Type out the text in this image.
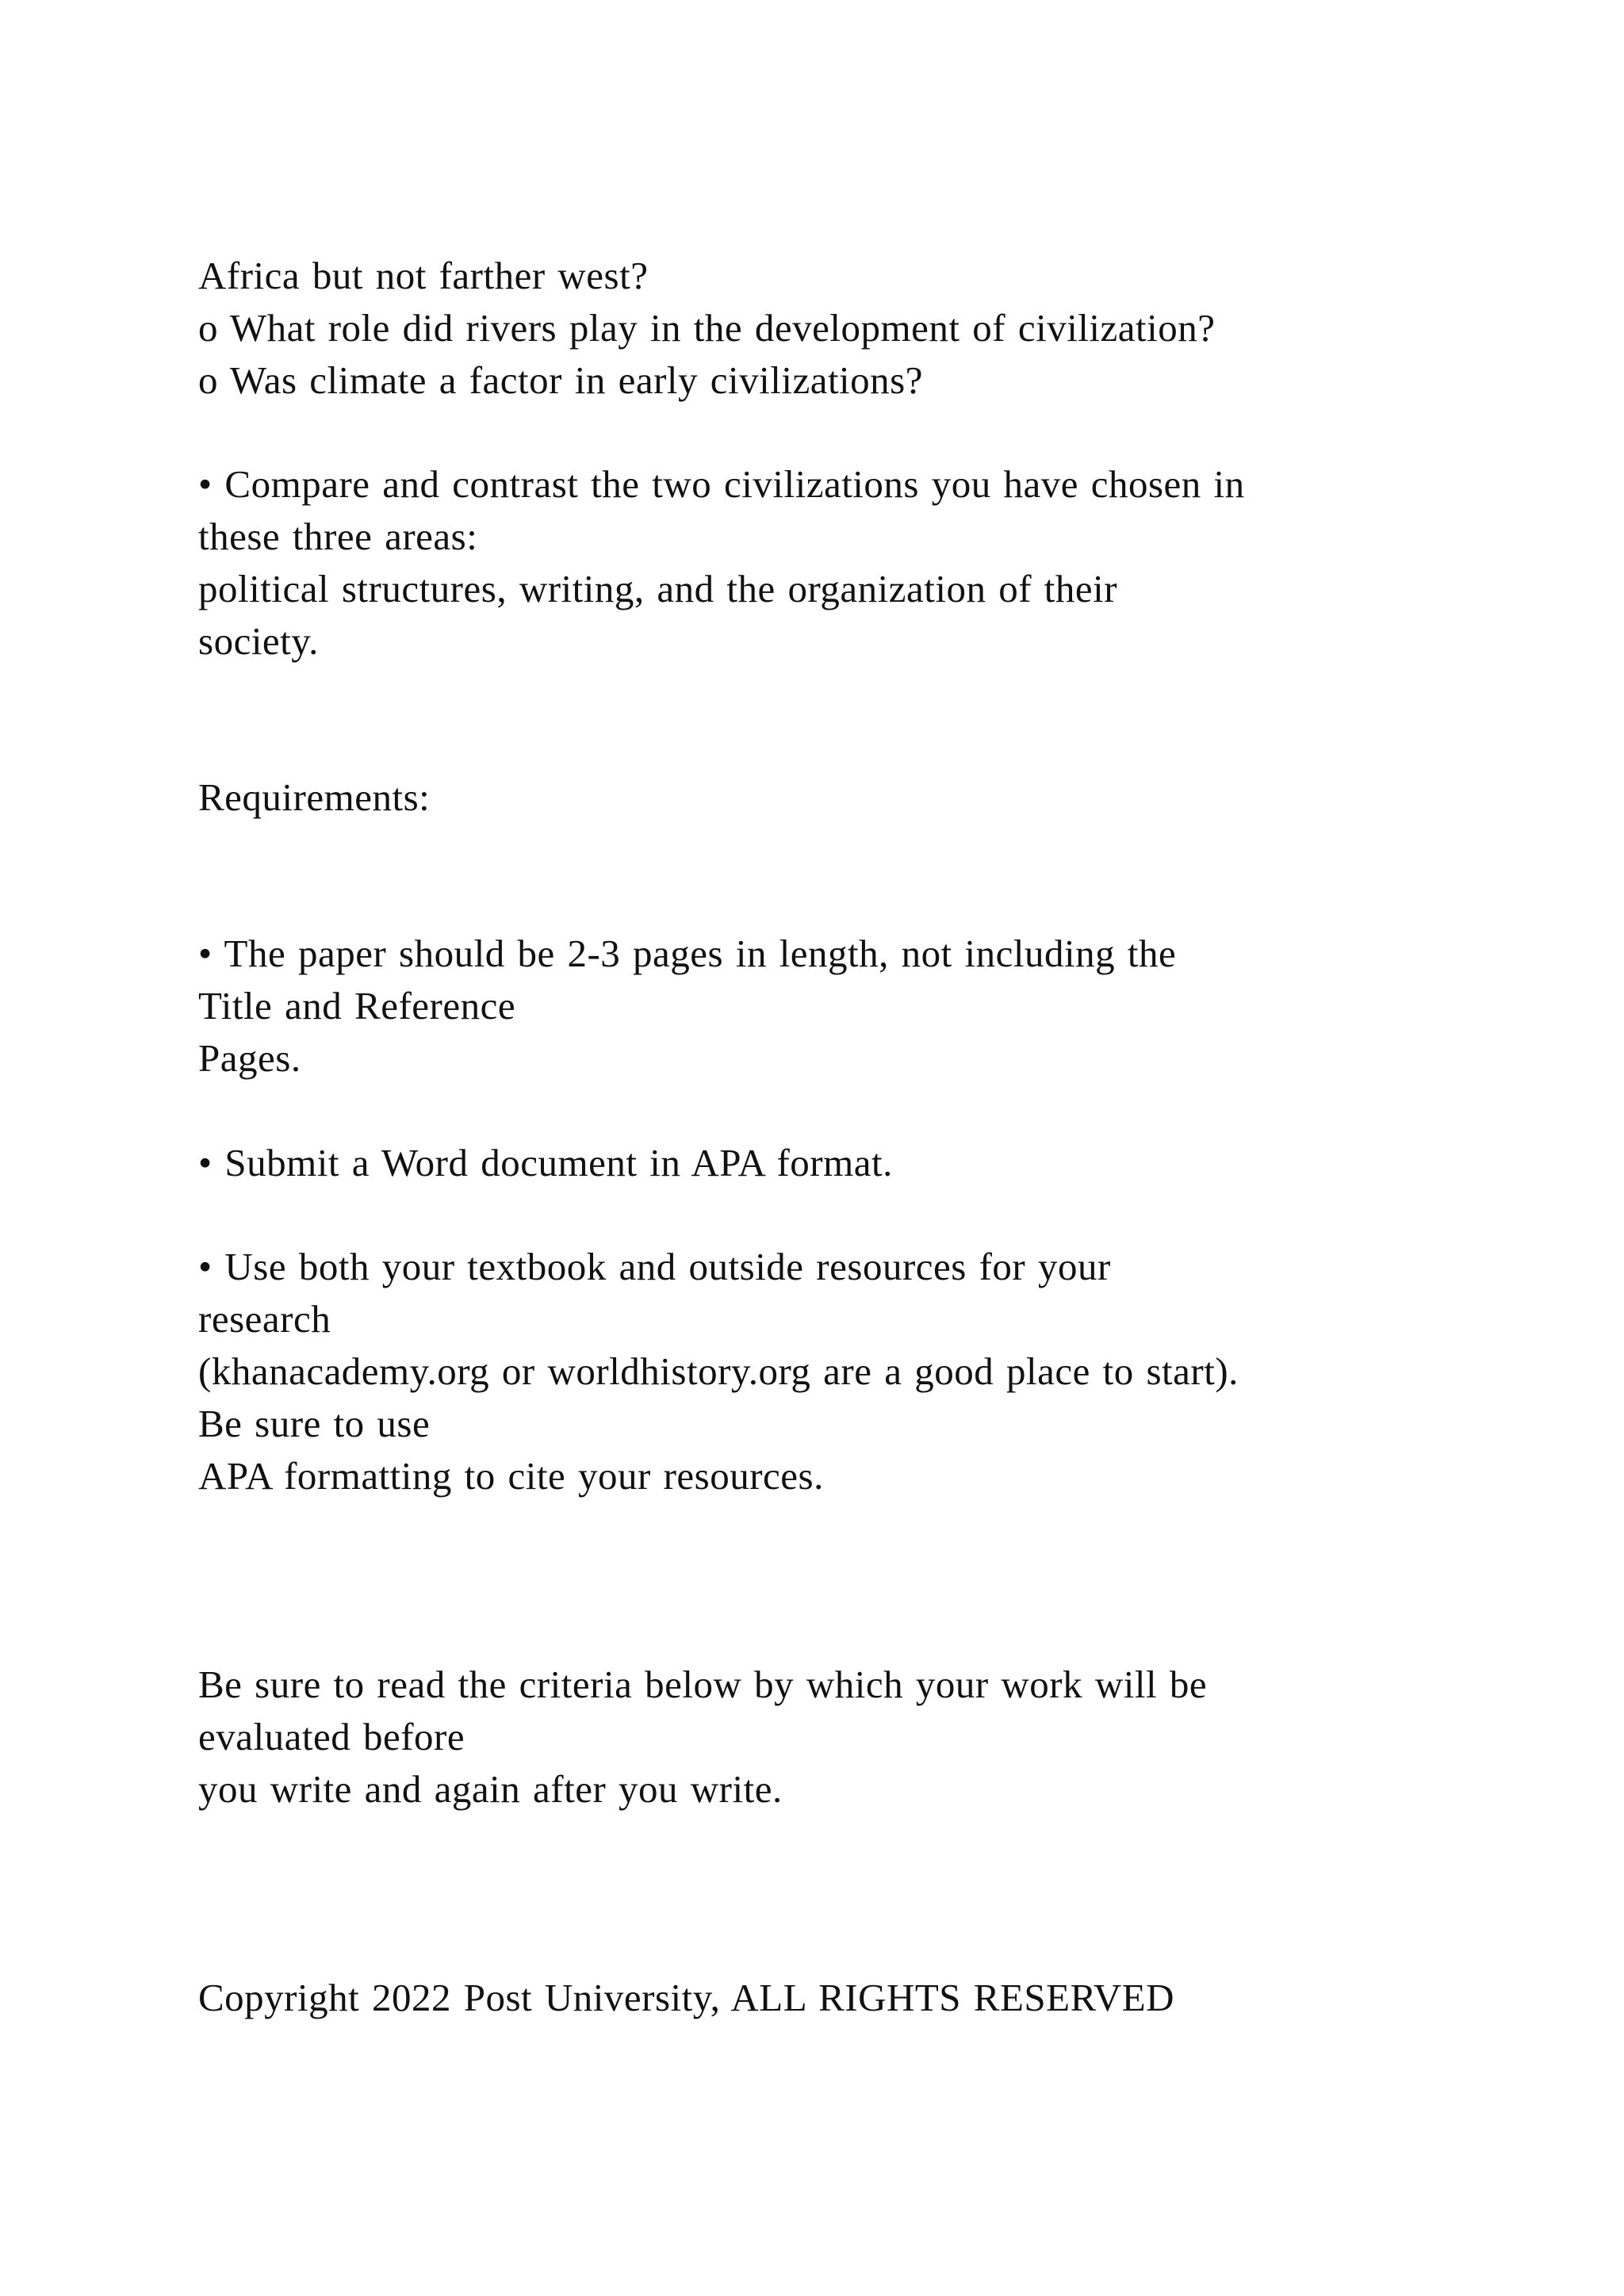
Africa but not farther west?
o What role did rivers play in the development of civilization?
o Was climate a factor in early civilizations?
• Compare and contrast the two civilizations you have chosen in
these three areas:
political structures, writing, and the organization of their
society.
Requirements:
• The paper should be 2-3 pages in length, not including the
Title and Reference
Pages.
• Submit a Word document in APA format.
• Use both your textbook and outside resources for your
research
(khanacademy.org or worldhistory.org are a good place to start).
Be sure to use
APA formatting to cite your resources.
Be sure to read the criteria below by which your work will be
evaluated before
you write and again after you write.
Copyright 2022 Post University, ALL RIGHTS RESERVED
